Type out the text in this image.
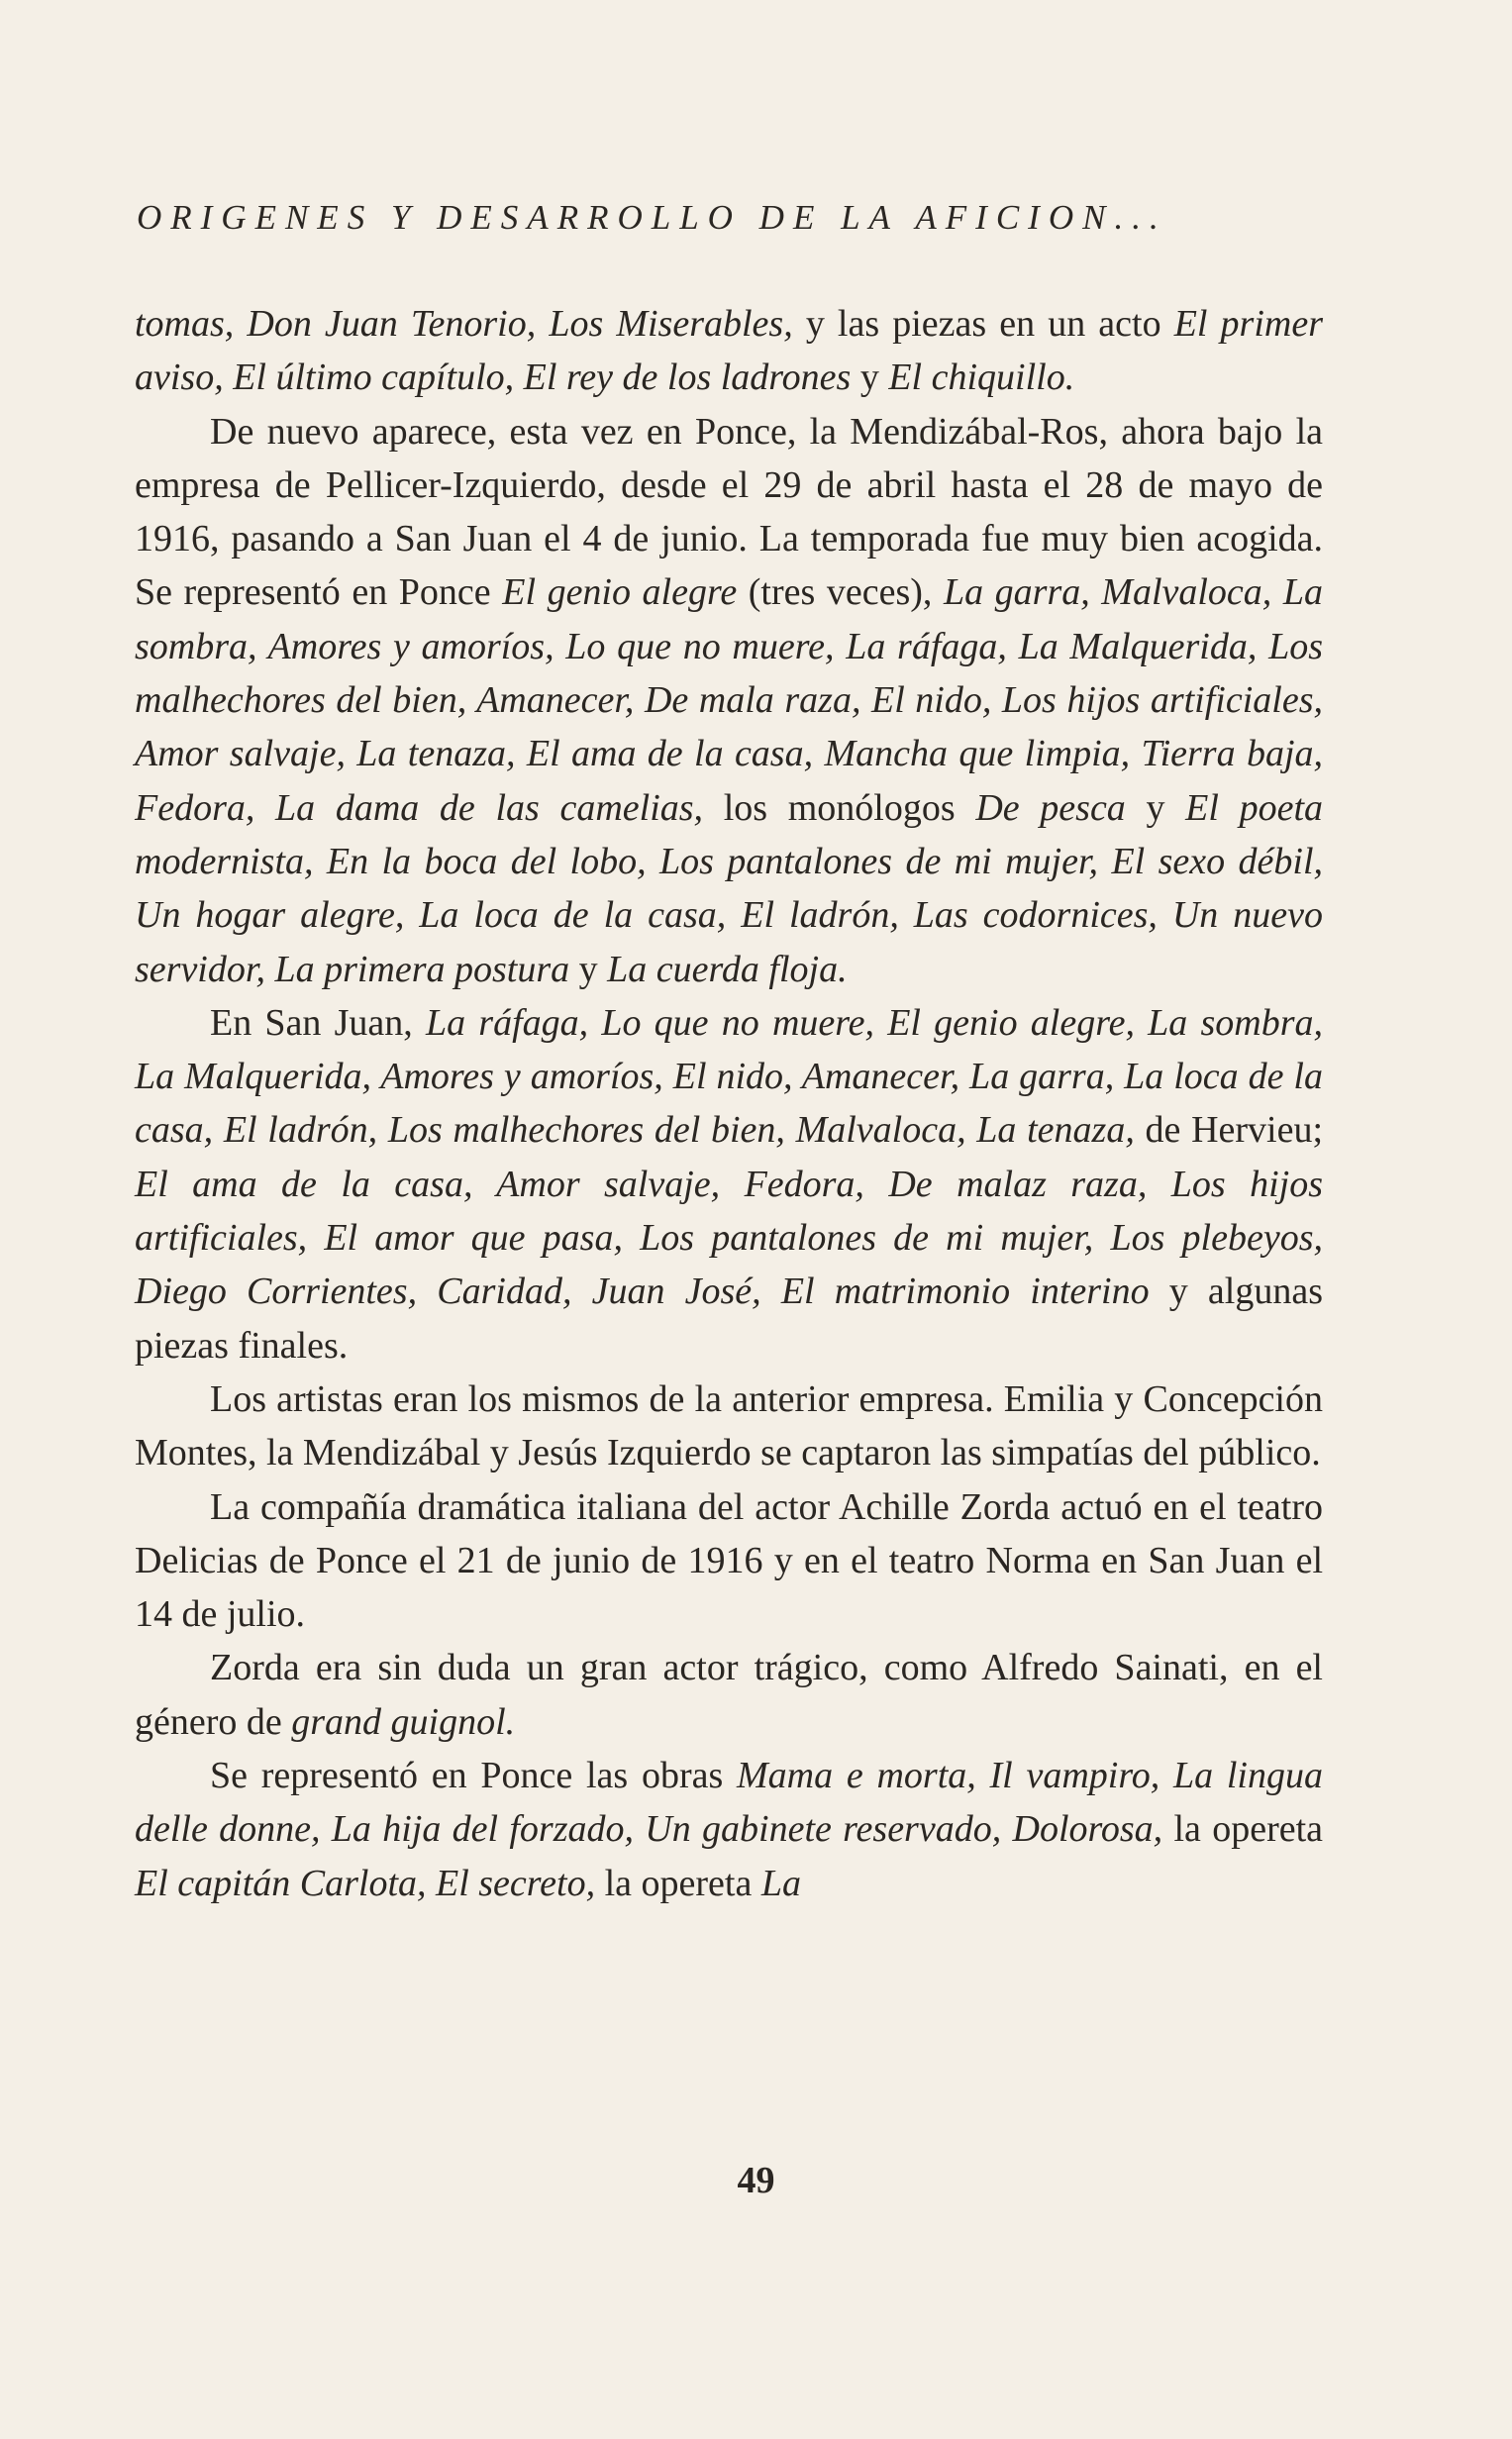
ORIGENES Y DESARROLLO DE LA AFICION...

tomas, Don Juan Tenorio, Los Miserables, y las piezas en un acto El primer aviso, El último capítulo, El rey de los ladrones y El chiquillo.

De nuevo aparece, esta vez en Ponce, la Mendizábal-Ros, ahora bajo la empresa de Pellicer-Izquierdo, desde el 29 de abril hasta el 28 de mayo de 1916, pasando a San Juan el 4 de junio. La temporada fue muy bien acogida. Se representó en Ponce El genio alegre (tres veces), La garra, Malvaloca, La sombra, Amores y amoríos, Lo que no muere, La ráfaga, La Malquerida, Los malhechores del bien, Amanecer, De mala raza, El nido, Los hijos artificiales, Amor salvaje, La tenaza, El ama de la casa, Mancha que limpia, Tierra baja, Fedora, La dama de las camelias, los monólogos De pesca y El poeta modernista, En la boca del lobo, Los pantalones de mi mujer, El sexo débil, Un hogar alegre, La loca de la casa, El ladrón, Las codornices, Un nuevo servidor, La primera postura y La cuerda floja.

En San Juan, La ráfaga, Lo que no muere, El genio alegre, La sombra, La Malquerida, Amores y amoríos, El nido, Amanecer, La garra, La loca de la casa, El ladrón, Los malhechores del bien, Malvaloca, La tenaza, de Hervieu; El ama de la casa, Amor salvaje, Fedora, De malaz raza, Los hijos artificiales, El amor que pasa, Los pantalones de mi mujer, Los plebeyos, Diego Corrientes, Caridad, Juan José, El matrimonio interino y algunas piezas finales.

Los artistas eran los mismos de la anterior empresa. Emilia y Concepción Montes, la Mendizábal y Jesús Izquierdo se captaron las simpatías del público.

La compañía dramática italiana del actor Achille Zorda actuó en el teatro Delicias de Ponce el 21 de junio de 1916 y en el teatro Norma en San Juan el 14 de julio.

Zorda era sin duda un gran actor trágico, como Alfredo Sainati, en el género de grand guignol.

Se representó en Ponce las obras Mama e morta, Il vampiro, La lingua delle donne, La hija del forzado, Un gabinete reservado, Dolorosa, la opereta El capitán Carlota, El secreto, la opereta La

49
